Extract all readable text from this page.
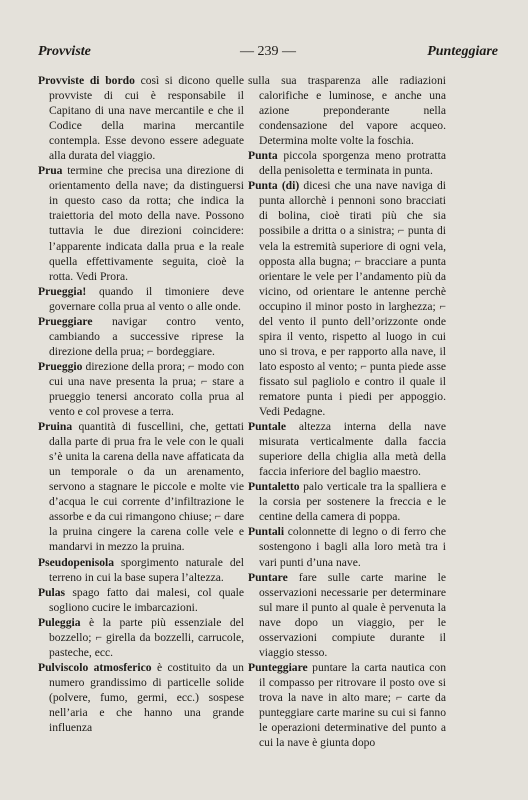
Provviste	— 239 —	Punteggiare

Provviste di bordo così si dicono quelle provviste di cui è responsabile il Capitano di una nave mercantile e che il Codice della marina mercantile contempla. Esse devono essere adeguate alla durata del viaggio.

Prua termine che precisa una direzione di orientamento della nave; da distinguersi in questo caso da rotta; che indica la traiettoria del moto della nave. Possono tuttavia le due direzioni coincidere: l’apparente indicata dalla prua e la reale quella effettivamente seguita, cioè la rotta. Vedi Prora.

Prueggia! quando il timoniere deve governare colla prua al vento o alle onde.

Prueggiare navigar contro vento, cambiando a successive riprese la direzione della prua; ⌐ bordeggiare.

Prueggio direzione della prora; ⌐ modo con cui una nave presenta la prua; ⌐ stare a prueggio tenersi ancorato colla prua al vento e col provese a terra.

Pruina quantità di fuscellini, che, gettati dalla parte di prua fra le vele con le quali s’è unita la carena della nave affaticata da un temporale o da un arenamento, servono a stagnare le piccole e molte vie d’acqua le cui corrente d’infiltrazione le assorbe e da cui rimangono chiuse; ⌐ dare la pruina cingere la carena colle vele e mandarvi in mezzo la pruina.

Pseudopenisola sporgimento naturale del terreno in cui la base supera l’altezza.

Pulas spago fatto dai malesi, col quale sogliono cucire le imbarcazioni.

Puleggia è la parte più essenziale del bozzello; ⌐ girella da bozzelli, carrucole, pasteche, ecc.

Pulviscolo atmosferico è costituito da un numero grandissimo di particelle solide (polvere, fumo, germi, ecc.) sospese nell’aria e che hanno una grande influenza

sulla sua trasparenza alle radiazioni calorifiche e luminose, e anche una azione preponderante nella condensazione del vapore acqueo. Determina molte volte la foschia.

Punta piccola sporgenza meno protratta della penisoletta e terminata in punta.

Punta (di) dicesi che una nave naviga di punta allorchè i pennoni sono bracciati di bolina, cioè tirati più che sia possibile a dritta o a sinistra; ⌐ punta di vela la estremità superiore di ogni vela, opposta alla bugna; ⌐ bracciare a punta orientare le vele per l’andamento più da vicino, od orientare le antenne perchè occupino il minor posto in larghezza; ⌐ del vento il punto dell’orizzonte onde spira il vento, rispetto al luogo in cui uno si trova, e per rapporto alla nave, il lato esposto al vento; ⌐ punta piede asse fissato sul pagliolo e contro il quale il rematore punta i piedi per appoggio. Vedi Pedagne.

Puntale altezza interna della nave misurata verticalmente dalla faccia superiore della chiglia alla metà della faccia inferiore del baglio maestro.

Puntaletto palo verticale tra la spalliera e la corsia per sostenere la freccia e le centine della camera di poppa.

Puntali colonnette di legno o di ferro che sostengono i bagli alla loro metà tra i vari punti d’una nave.

Puntare fare sulle carte marine le osservazioni necessarie per determinare sul mare il punto al quale è pervenuta la nave dopo un viaggio, per le osservazioni compiute durante il viaggio stesso.

Punteggiare puntare la carta nautica con il compasso per ritrovare il posto ove si trova la nave in alto mare; ⌐ carte da punteggiare carte marine su cui si fanno le operazioni determinative del punto a cui la nave è giunta dopo
